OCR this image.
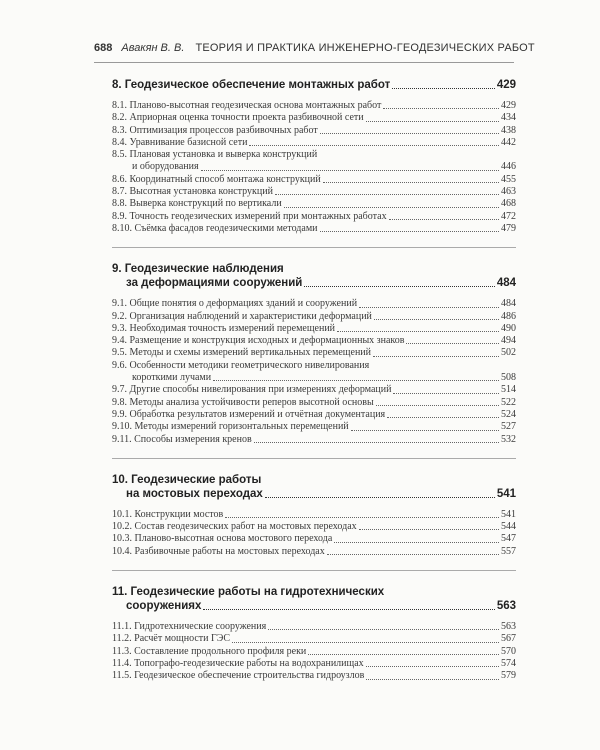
688 Авакян В. В. ТЕОРИЯ И ПРАКТИКА ИНЖЕНЕРНО-ГЕОДЕЗИЧЕСКИХ РАБОТ
8. Геодезическое обеспечение монтажных работ	429
8.1. Планово-высотная геодезическая основа монтажных работ	429
8.2. Априорная оценка точности проекта разбивочной сети	434
8.3. Оптимизация процессов разбивочных работ	438
8.4. Уравнивание базисной сети	442
8.5. Плановая установка и выверка конструкций
и оборудования	446
8.6. Координатный способ монтажа конструкций	455
8.7. Высотная установка конструкций	463
8.8. Выверка конструкций по вертикали	468
8.9. Точность геодезических измерений при монтажных работах	472
8.10. Съёмка фасадов геодезическими методами	479
9. Геодезические наблюдения
за деформациями сооружений	484
9.1. Общие понятия о деформациях зданий и сооружений	484
9.2. Организация наблюдений и характеристики деформаций	486
9.3. Необходимая точность измерений перемещений	490
9.4. Размещение и конструкция исходных и деформационных знаков	494
9.5. Методы и схемы измерений вертикальных перемещений	502
9.6. Особенности методики геометрического нивелирования
короткими лучами	508
9.7. Другие способы нивелирования при измерениях деформаций	514
9.8. Методы анализа устойчивости реперов высотной основы	522
9.9. Обработка результатов измерений и отчётная документация	524
9.10. Методы измерений горизонтальных перемещений	527
9.11. Способы измерения кренов	532
10. Геодезические работы
на мостовых переходах	541
10.1. Конструкции мостов	541
10.2. Состав геодезических работ на мостовых переходах	544
10.3. Планово-высотная основа мостового перехода	547
10.4. Разбивочные работы на мостовых переходах	557
11. Геодезические работы на гидротехнических
сооружениях	563
11.1. Гидротехнические сооружения	563
11.2. Расчёт мощности ГЭС	567
11.3. Составление продольного профиля реки	570
11.4. Топографо-геодезические работы на водохранилищах	574
11.5. Геодезическое обеспечение строительства гидроузлов	579
